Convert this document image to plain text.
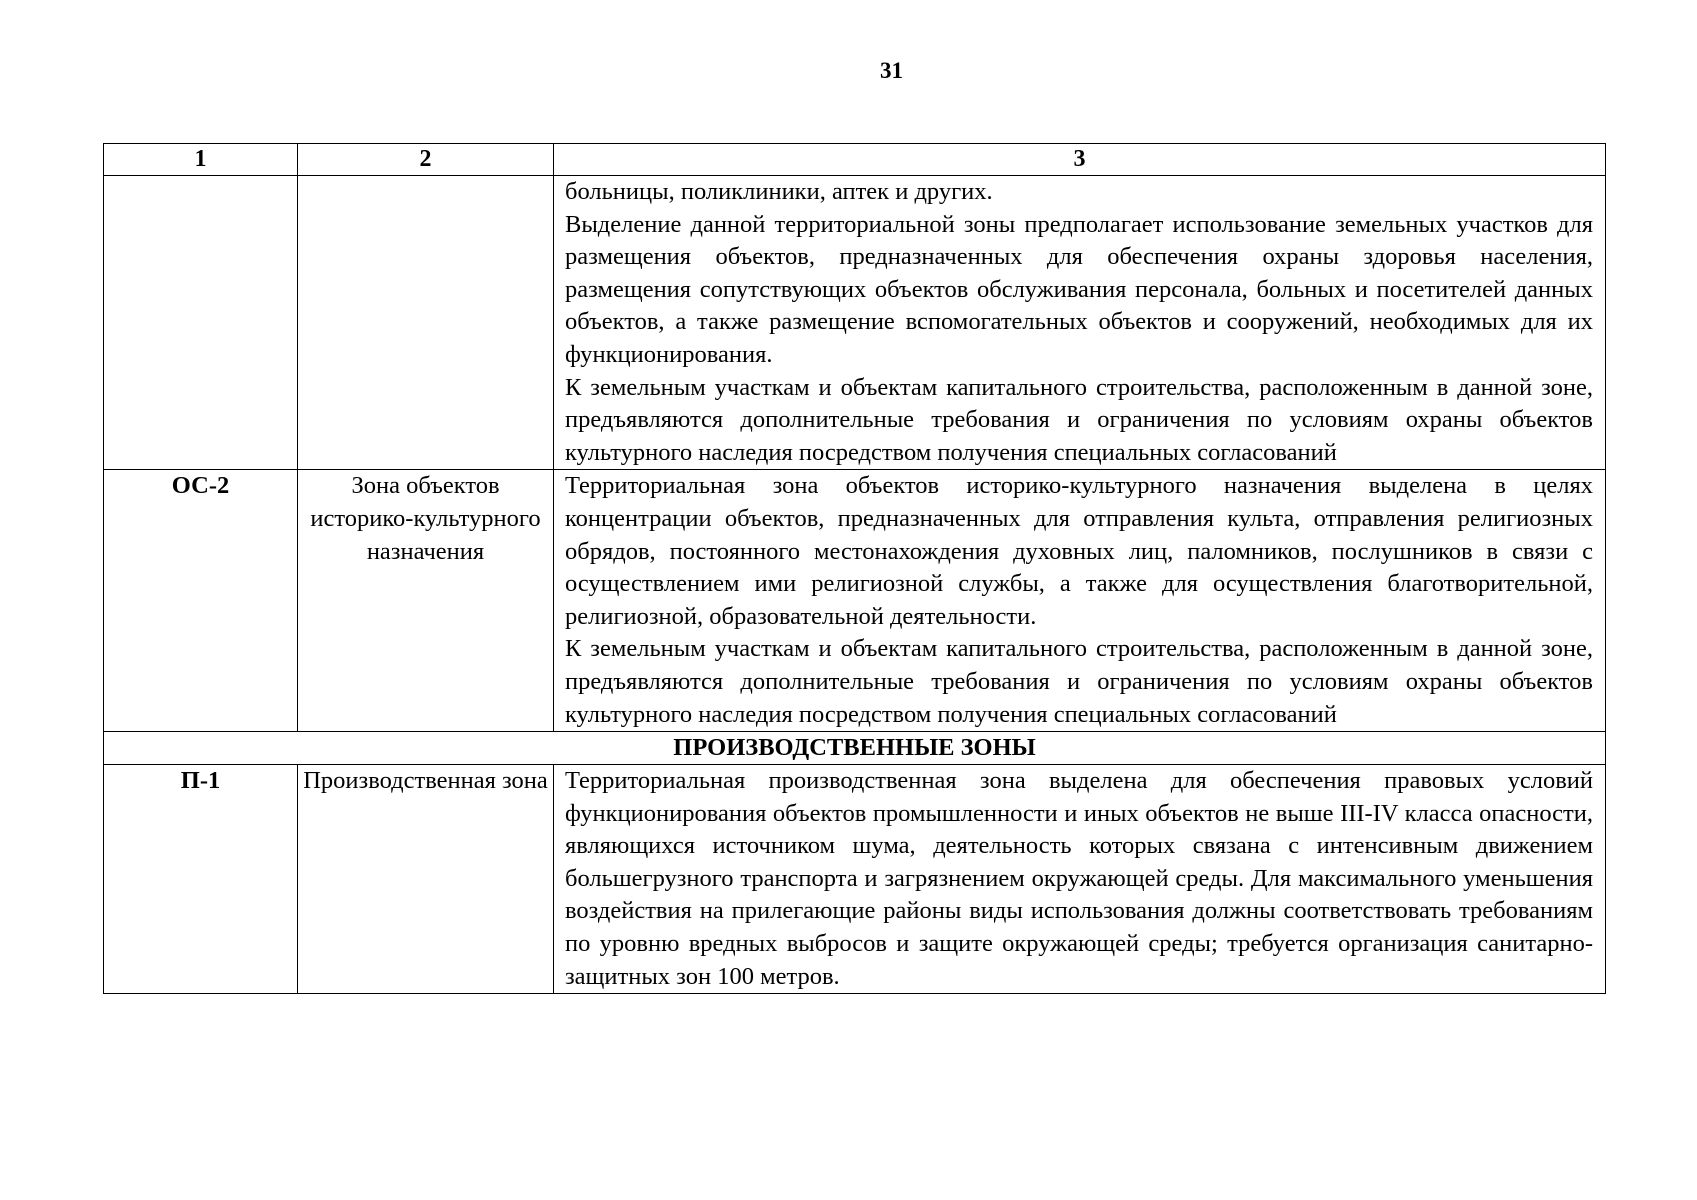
31
1	2	3

		больницы, поликлиники, аптек и других.

Выделение данной территориальной зоны предполагает использование земельных участков для размещения объектов, предназначенных для обеспечения охраны здоровья населения, размещения сопутствующих объектов обслуживания персонала, больных и посетителей данных объектов, а также размещение вспомогательных объектов и сооружений, необходимых для их функционирования.

К земельным участкам и объектам капитального строительства, расположенным в данной зоне, предъявляются дополнительные требования и ограничения по условиям охраны объектов культурного наследия посредством получения специальных согласований

ОС-2	Зона объектов историко-культурного назначения	Территориальная зона объектов историко-культурного назначения выделена в целях концентрации объектов, предназначенных для отправления культа, отправления религиозных обрядов, постоянного местонахождения духовных лиц, паломников, послушников в связи с осуществлением ими религиозной службы, а также для осуществления благотворительной, религиозной, образовательной деятельности.

К земельным участкам и объектам капитального строительства, расположенным в данной зоне, предъявляются дополнительные требования и ограничения по условиям охраны объектов культурного наследия посредством получения специальных согласований

ПРОИЗВОДСТВЕННЫЕ ЗОНЫ		
П-1	Производственная зона	Территориальная производственная зона выделена для обеспечения правовых условий функционирования объектов промышленности и иных объектов не выше III-IV класса опасности, являющихся источником шума, деятельность которых связана с интенсивным движением большегрузного транспорта и загрязнением окружающей среды. Для максимального уменьшения воздействия на прилегающие районы виды использования должны соответствовать требованиям по уровню вредных выбросов и защите окружающей среды; требуется организация санитарно-защитных зон 100 метров.
